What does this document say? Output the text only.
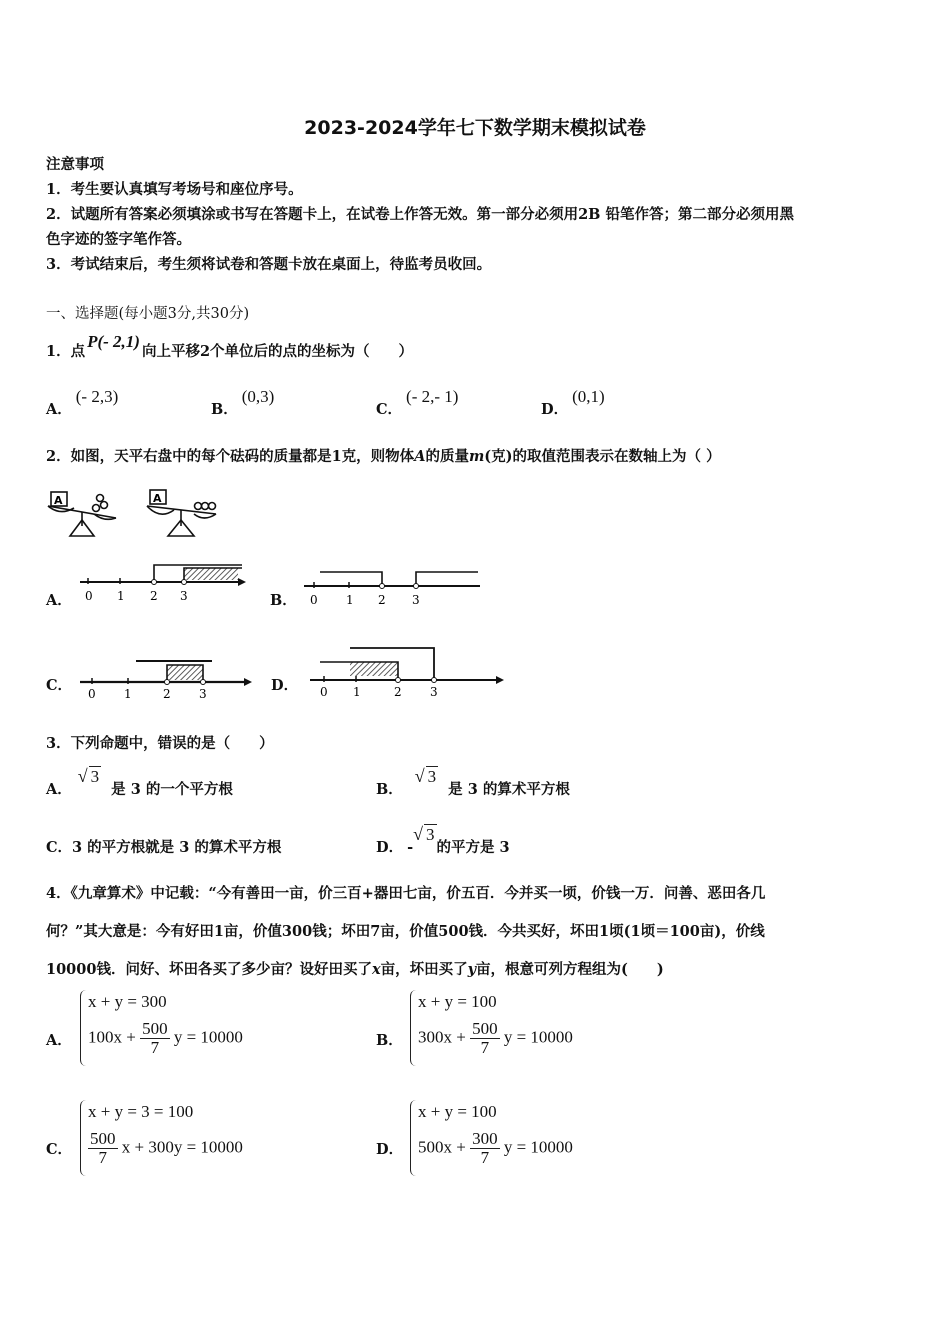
2023-2024学年七下数学期末模拟试卷
注意事项
1．考生要认真填写考场号和座位序号。
2．试题所有答案必须填涂或书写在答题卡上，在试卷上作答无效。第一部分必须用2B 铅笔作答；第二部分必须用黑
色字迹的签字笔作答。
3．考试结束后，考生须将试卷和答题卡放在桌面上，待监考员收回。
一、选择题(每小题3分,共30分)
1．点P(- 2,1)向上平移2个单位后的点的坐标为（　　）
A．(- 2,3)
B．(0,3)
C．(- 2,- 1)
D．(0,1)
2．如图，天平右盘中的每个砝码的质量都是1克，则物体A的质量m(克)的取值范围表示在数轴上为（ ）
A	A
A． 0 1 2 3	B． 0 1 2 3
C． 0 1	2 3	D． 0 1	2 3
3．下列命题中，错误的是（　　）
A．√ 3是 3 的一个平方根	B．√ 3是 3 的算术平方根
C．3 的平方根就是 3 的算术平方根	D． -√ 3的平方是 3
4．《九章算术》中记载：“今有善田一亩，价三百+器田七亩，价五百．今并买一顷，价钱一万．问善、恶田各几
何？”其大意是：今有好田1亩，价值300钱；坏田7亩，价值500钱．今共买好，坏田1顷(1顷＝100亩)，价线
10000钱．问好、坏田各买了多少亩？设好田买了x亩，坏田买了y亩，根意可列方程组为(　　)
A．
x + y = 300
$100x + \frac{500}{7}$ y = 10000	B．
x + y = 100
$300x + \frac{500}{7}$ y = 10000
C．
x + y = 3 = 100
$\frac{500}{7}$ x + 300y = 10000	D．
x + y = 100
$500x + \frac{300}{7}$ y = 10000
